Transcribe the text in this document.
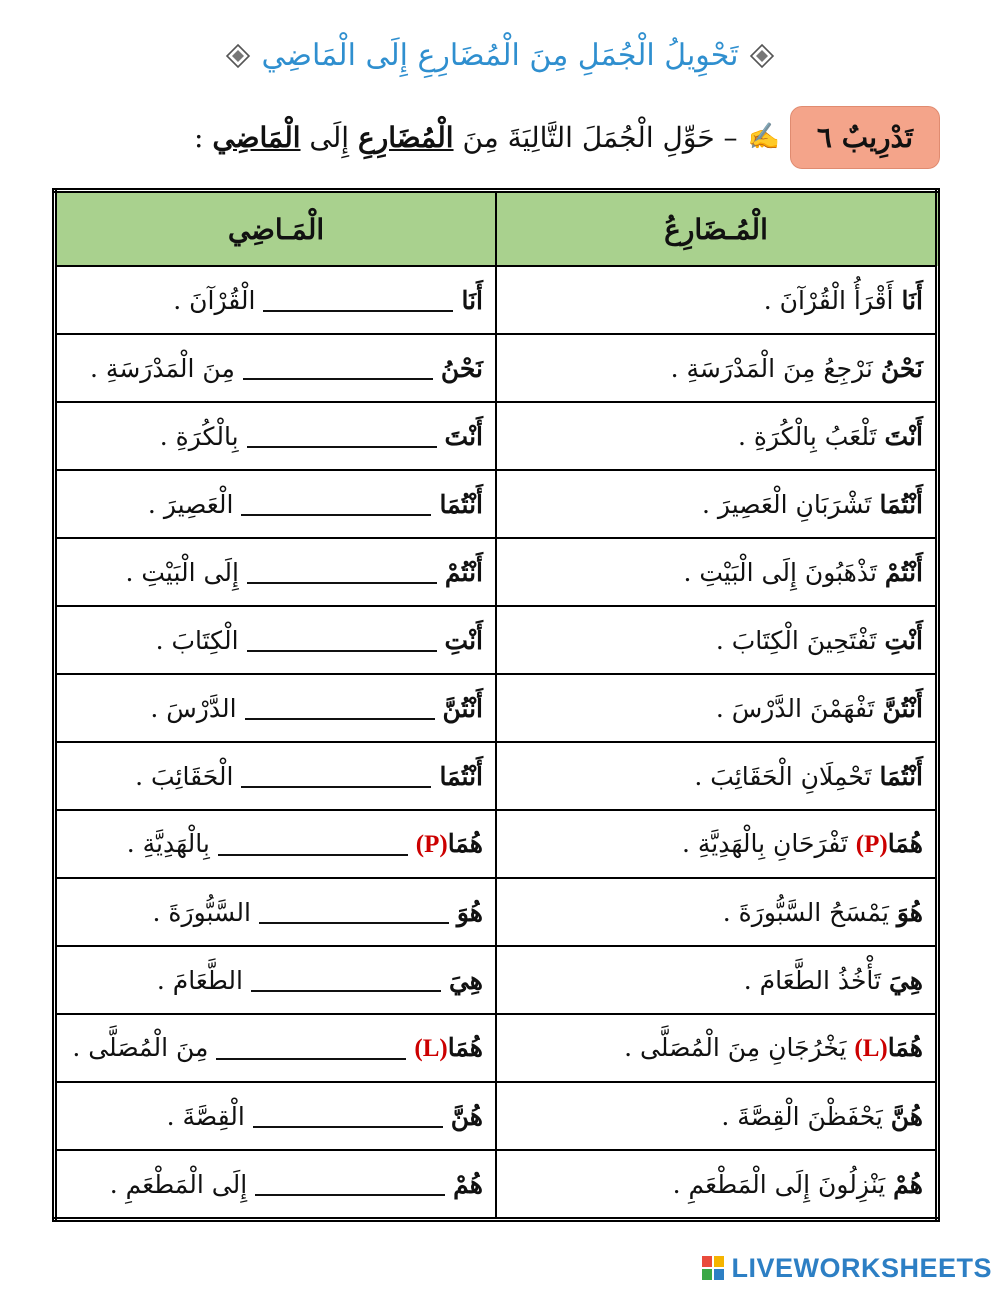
تَحْوِيلُ الْجُمَلِ مِنَ الْمُضَارِعِ إِلَى الْمَاضِي
تَدْرِيبٌ ٦
✍
– حَوِّلِ الْجُمَلَ التَّالِيَةَ مِنَ الْمُضَارِعِ إِلَى الْمَاضِي :
الْمُـضَارِعُ	الْمَـاضِي
أَنَا أَقْرَأُ الْقُرْآنَ .	أَنَاالْقُرْآنَ .
نَحْنُ نَرْجِعُ مِنَ الْمَدْرَسَةِ .	نَحْنُمِنَ الْمَدْرَسَةِ .
أَنْتَ تَلْعَبُ بِالْكُرَةِ .	أَنْتَبِالْكُرَةِ .
أَنْتُمَا تَشْرَبَانِ الْعَصِيرَ .	أَنْتُمَاالْعَصِيرَ .
أَنْتُمْ تَذْهَبُونَ إِلَى الْبَيْتِ .	أَنْتُمْإِلَى الْبَيْتِ .
أَنْتِ تَفْتَحِينَ الْكِتَابَ .	أَنْتِالْكِتَابَ .
أَنْتُنَّ تَفْهَمْنَ الدَّرْسَ .	أَنْتُنَّالدَّرْسَ .
أَنْتُمَا تَحْمِلَانِ الْحَقَائِبَ .	أَنْتُمَاالْحَقَائِبَ .
هُمَا(P) تَفْرَحَانِ بِالْهَدِيَّةِ .	هُمَا(P)بِالْهَدِيَّةِ .
هُوَ يَمْسَحُ السَّبُّورَةَ .	هُوَالسَّبُّورَةَ .
هِيَ تَأْخُذُ الطَّعَامَ .	هِيَالطَّعَامَ .
هُمَا(L) يَخْرُجَانِ مِنَ الْمُصَلَّى .	هُمَا(L)مِنَ الْمُصَلَّى .
هُنَّ يَحْفَظْنَ الْقِصَّةَ .	هُنَّالْقِصَّةَ .
هُمْ يَنْزِلُونَ إِلَى الْمَطْعَمِ .	هُمْإِلَى الْمَطْعَمِ .
LIVEWORKSHEETS
